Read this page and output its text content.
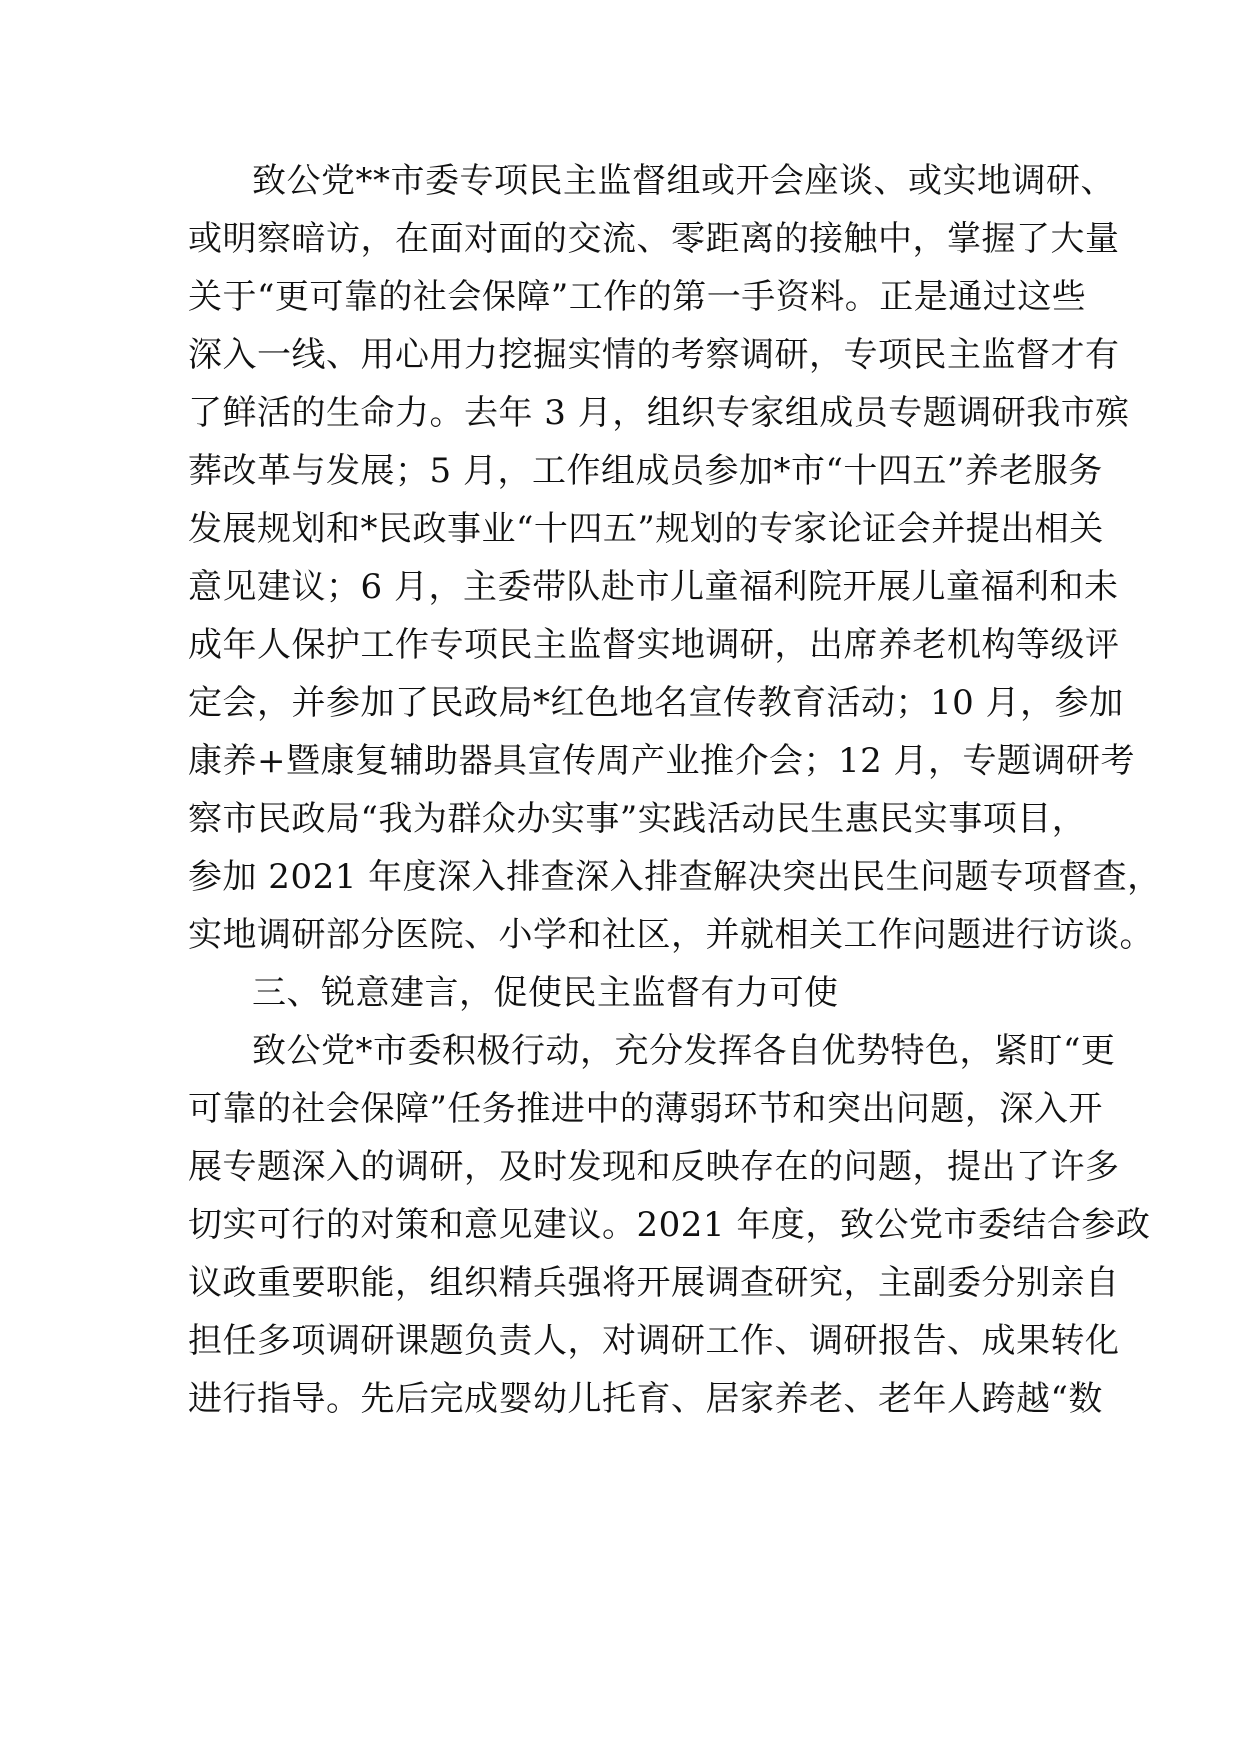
致公党**市委专项民主监督组或开会座谈、或实地调研、
或明察暗访，在面对面的交流、零距离的接触中，掌握了大量
关于“更可靠的社会保障”工作的第一手资料。正是通过这些
深入一线、用心用力挖掘实情的考察调研，专项民主监督才有
了鲜活的生命力。去年 3 月，组织专家组成员专题调研我市殡
葬改革与发展；5 月，工作组成员参加*市“十四五”养老服务
发展规划和*民政事业“十四五”规划的专家论证会并提出相关
意见建议；6 月，主委带队赴市儿童福利院开展儿童福利和未
成年人保护工作专项民主监督实地调研，出席养老机构等级评
定会，并参加了民政局*红色地名宣传教育活动；10 月，参加
康养+暨康复辅助器具宣传周产业推介会；12 月，专题调研考
察市民政局“我为群众办实事”实践活动民生惠民实事项目，
参加 2021 年度深入排查深入排查解决突出民生问题专项督查，
实地调研部分医院、小学和社区，并就相关工作问题进行访谈。
三、锐意建言，促使民主监督有力可使
致公党*市委积极行动，充分发挥各自优势特色，紧盯“更
可靠的社会保障”任务推进中的薄弱环节和突出问题，深入开
展专题深入的调研，及时发现和反映存在的问题，提出了许多
切实可行的对策和意见建议。2021 年度，致公党市委结合参政
议政重要职能，组织精兵强将开展调查研究，主副委分别亲自
担任多项调研课题负责人，对调研工作、调研报告、成果转化
进行指导。先后完成婴幼儿托育、居家养老、老年人跨越“数
